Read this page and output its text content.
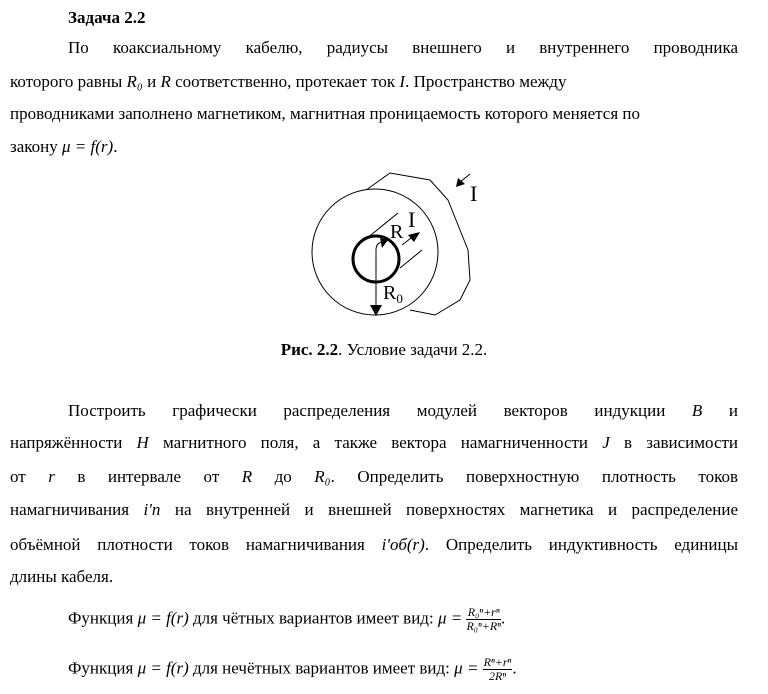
Задача 2.2
По коаксиальному кабелю, радиусы внешнего и внутреннего проводника
которого равны R₀ и R соответственно, протекает ток I. Пространство между
проводниками заполнено магнетиком, магнитная проницаемость которого меняется по
закону μ = f(r).
I
I
R
$R_0$
Рис. 2.2. Условие задачи 2.2.
Построить графически распределения модулей векторов индукции B и
напряжённости H магнитного поля, а также вектора намагниченности J в зависимости
от r в интервале от R до R₀. Определить поверхностную плотность токов
намагничивания i′п на внутренней и внешней поверхностях магнетика и распределение
объёмной плотности токов намагничивания i′об(r). Определить индуктивность единицы
длины кабеля.
Функция μ = f(r) для чётных вариантов имеет вид: $\mu = \frac{\text{R₀ⁿ+rⁿ}}{\text{R₀ⁿ+Rⁿ}}$ .
Функция μ = f(r) для нечётных вариантов имеет вид: $\mu = \frac{\text{Rⁿ+rⁿ}}{\text{2Rⁿ}}$ .
